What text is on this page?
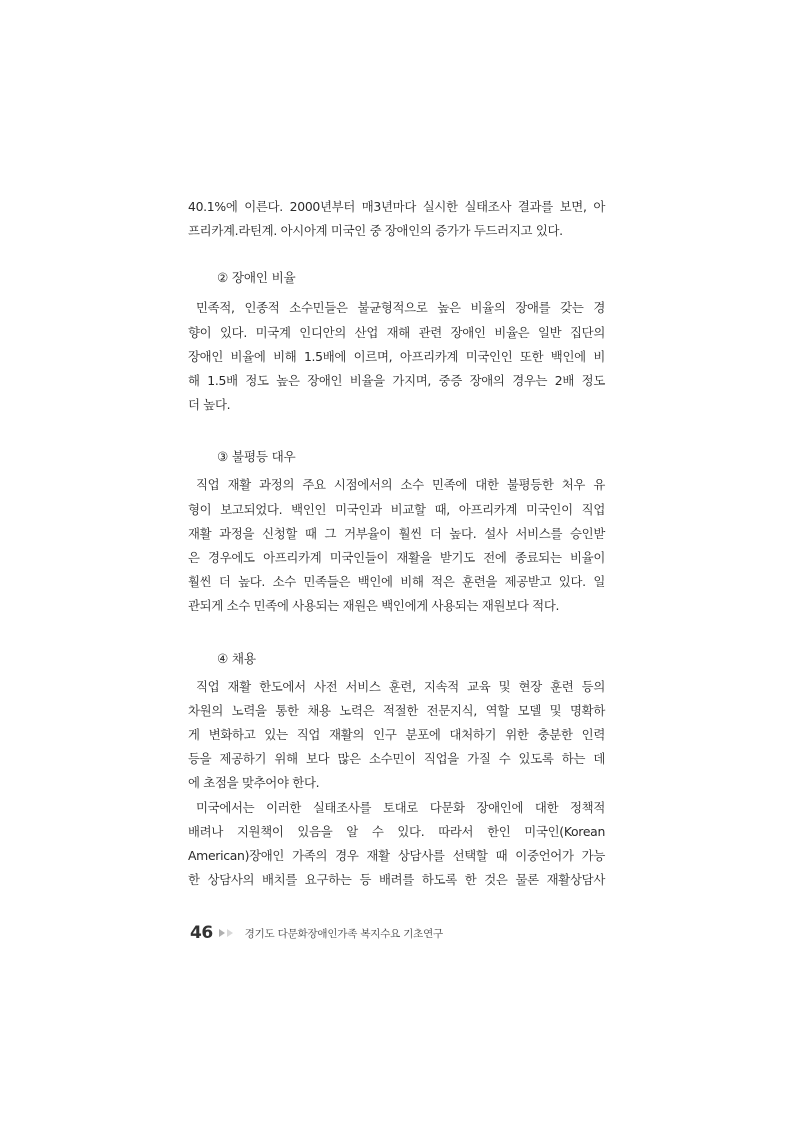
40.1%에 이른다. 2000년부터 매3년마다 실시한 실태조사 결과를 보면, 아
프리카계.라틴계. 아시아계 미국인 중 장애인의 증가가 두드러지고 있다.

② 장애인 비율

민족적, 인종적 소수민들은 불균형적으로 높은 비율의 장애를 갖는 경
향이 있다. 미국계 인디안의 산업 재해 관련 장애인 비율은 일반 집단의
장애인 비율에 비해 1.5배에 이르며, 아프리카계 미국인인 또한 백인에 비
해 1.5배 정도 높은 장애인 비율을 가지며, 중증 장애의 경우는 2배 정도
더 높다.

③ 불평등 대우

직업 재활 과정의 주요 시점에서의 소수 민족에 대한 불평등한 처우 유
형이 보고되었다. 백인인 미국인과 비교할 때, 아프리카계 미국인이 직업
재활 과정을 신청할 때 그 거부율이 훨씬 더 높다. 설사 서비스를 승인받
은 경우에도 아프리카계 미국인들이 재활을 받기도 전에 종료되는 비율이
훨씬 더 높다. 소수 민족들은 백인에 비해 적은 훈련을 제공받고 있다. 일
관되게 소수 민족에 사용되는 재원은 백인에게 사용되는 재원보다 적다.

④ 채용

직업 재활 한도에서 사전 서비스 훈련, 지속적 교육 및 현장 훈련 등의
차원의 노력을 통한 채용 노력은 적절한 전문지식, 역할 모델 및 명확하
게 변화하고 있는 직업 재활의 인구 분포에 대처하기 위한 충분한 인력
등을 제공하기 위해 보다 많은 소수민이 직업을 가질 수 있도록 하는 데
에 초점을 맞추어야 한다.

미국에서는 이러한 실태조사를 토대로 다문화 장애인에 대한 정책적
배려나 지원책이 있음을 알 수 있다. 따라서 한인 미국인(Korean
American)장애인 가족의 경우 재활 상담사를 선택할 때 이중언어가 가능
한 상담사의 배치를 요구하는 등 배려를 하도록 한 것은 물론 재활상담사

46	경기도 다문화장애인가족 복지수요 기초연구
